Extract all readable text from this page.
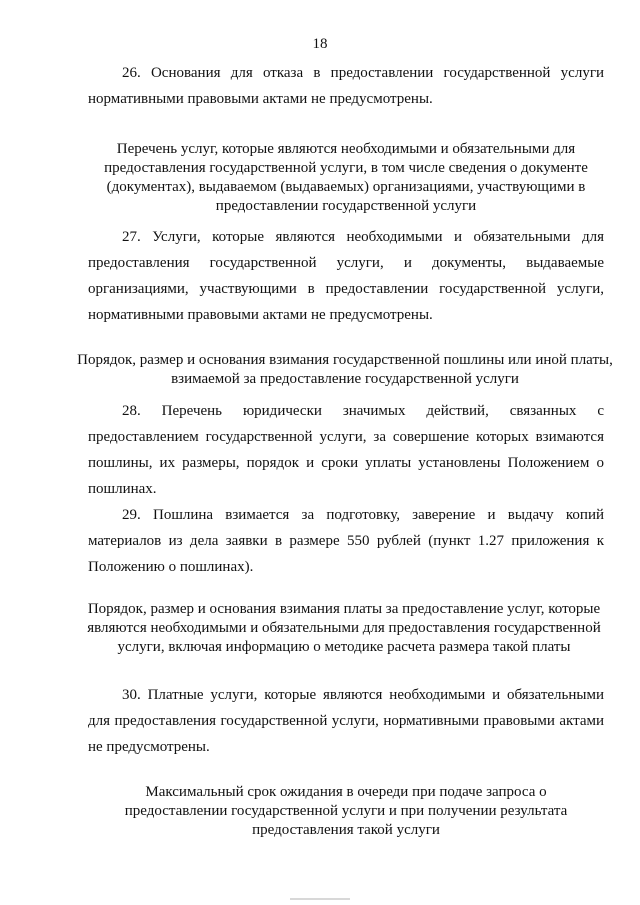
18

26. Основания для отказа в предоставлении государственной услуги нормативными правовыми актами не предусмотрены.

Перечень услуг, которые являются необходимыми и обязательными для предоставления государственной услуги, в том числе сведения о документе (документах), выдаваемом (выдаваемых) организациями, участвующими в предоставлении государственной услуги

27. Услуги, которые являются необходимыми и обязательными для предоставления государственной услуги, и документы, выдаваемые организациями, участвующими в предоставлении государственной услуги, нормативными правовыми актами не предусмотрены.

Порядок, размер и основания взимания государственной пошлины или иной платы, взимаемой за предоставление государственной услуги

28. Перечень юридически значимых действий, связанных с предоставлением государственной услуги, за совершение которых взимаются пошлины, их размеры, порядок и сроки уплаты установлены Положением о пошлинах.

29. Пошлина взимается за подготовку, заверение и выдачу копий материалов из дела заявки в размере 550 рублей (пункт 1.27 приложения к Положению о пошлинах).

Порядок, размер и основания взимания платы за предоставление услуг, которые являются необходимыми и обязательными для предоставления государственной услуги, включая информацию о методике расчета размера такой платы

30. Платные услуги, которые являются необходимыми и обязательными для предоставления государственной услуги, нормативными правовыми актами не предусмотрены.

Максимальный срок ожидания в очереди при подаче запроса о предоставлении государственной услуги и при получении результата предоставления такой услуги
